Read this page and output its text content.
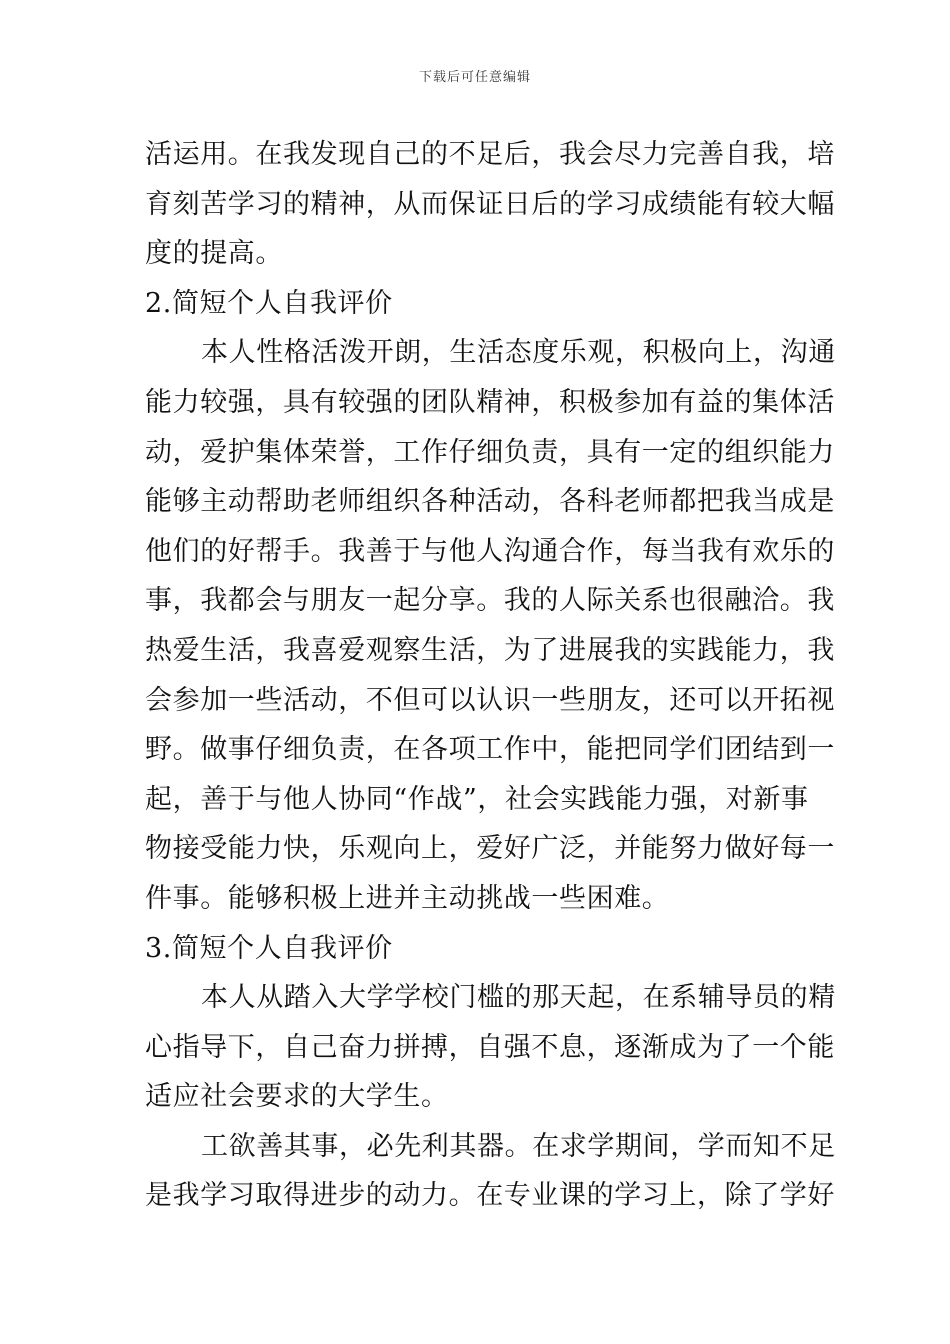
下载后可任意编辑
活运用。在我发现自己的不足后，我会尽力完善自我，培
育刻苦学习的精神，从而保证日后的学习成绩能有较大幅
度的提高。
2.简短个人自我评价
本人性格活泼开朗，生活态度乐观，积极向上，沟通
能力较强，具有较强的团队精神，积极参加有益的集体活
动，爱护集体荣誉，工作仔细负责，具有一定的组织能力
能够主动帮助老师组织各种活动，各科老师都把我当成是
他们的好帮手。我善于与他人沟通合作，每当我有欢乐的
事，我都会与朋友一起分享。我的人际关系也很融洽。我
热爱生活，我喜爱观察生活，为了进展我的实践能力，我
会参加一些活动，不但可以认识一些朋友，还可以开拓视
野。做事仔细负责，在各项工作中，能把同学们团结到一
起，善于与他人协同“作战”，社会实践能力强，对新事
物接受能力快，乐观向上，爱好广泛，并能努力做好每一
件事。能够积极上进并主动挑战一些困难。
3.简短个人自我评价
本人从踏入大学学校门槛的那天起，在系辅导员的精
心指导下，自己奋力拼搏，自强不息，逐渐成为了一个能
适应社会要求的大学生。
工欲善其事，必先利其器。在求学期间，学而知不足
是我学习取得进步的动力。在专业课的学习上，除了学好
